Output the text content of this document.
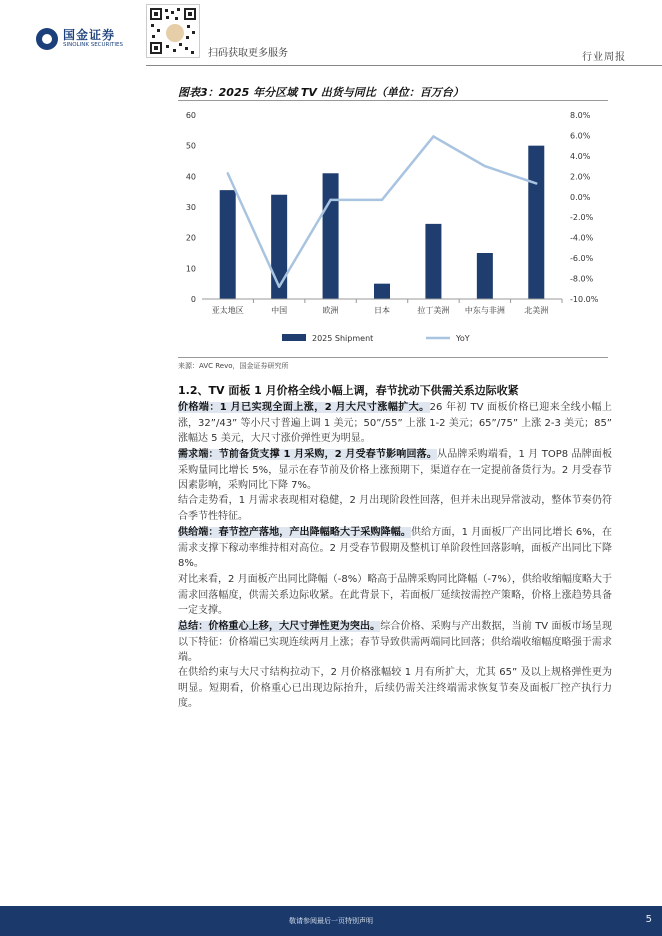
国金证券
SINOLINK SECURITIES
扫码获取更多服务	行业周报
图表3：2025 年分区域 TV 出货与同比（单位：百万台）
0
10
20
30
40
50
60
-10.0%
-8.0%
-6.0%
-4.0%
-2.0%
0.0%
2.0%
4.0%
6.0%
8.0%
亚太地区	中国	欧洲	日本	拉丁美洲 中东与非洲 北美洲
2025 Shipment	YoY
来源：AVC Revo，国金证券研究所
1.2、TV 面板 1 月价格全线小幅上调，春节扰动下供需关系边际收紧
价格端：1 月已实现全面上涨，2 月大尺寸涨幅扩大。26 年初 TV 面板价格已迎来全线小幅上涨，32”/43” 等小尺寸普遍上调 1 美元；50”/55” 上涨 1-2 美元；65”/75” 上涨 2-3 美元；85” 涨幅达 5 美元，大尺寸涨价弹性更为明显。
需求端：节前备货支撑 1 月采购，2 月受春节影响回落。从品牌采购端看，1 月 TOP8 品牌面板采购量同比增长 5%，显示在春节前及价格上涨预期下，渠道存在一定提前备货行为。2 月受春节因素影响，采购同比下降 7%。
结合走势看，1 月需求表现相对稳健，2 月出现阶段性回落，但并未出现异常波动，整体节奏仍符合季节性特征。
供给端：春节控产落地，产出降幅略大于采购降幅。供给方面，1 月面板厂产出同比增长 6%，在需求支撑下稼动率维持相对高位。2 月受春节假期及整机订单阶段性回落影响，面板产出同比下降 8%。
对比来看，2 月面板产出同比降幅（-8%）略高于品牌采购同比降幅（-7%），供给收缩幅度略大于需求回落幅度，供需关系边际收紧。在此背景下，若面板厂延续按需控产策略，价格上涨趋势具备一定支撑。
总结：价格重心上移，大尺寸弹性更为突出。综合价格、采购与产出数据，当前 TV 面板市场呈现以下特征：价格端已实现连续两月上涨；春节导致供需两端同比回落；供给端收缩幅度略强于需求端。
在供给约束与大尺寸结构拉动下，2 月价格涨幅较 1 月有所扩大，尤其 65” 及以上规格弹性更为明显。短期看，价格重心已出现边际抬升，后续仍需关注终端需求恢复节奏及面板厂控产执行力度。
敬请参阅最后一页特别声明	5
